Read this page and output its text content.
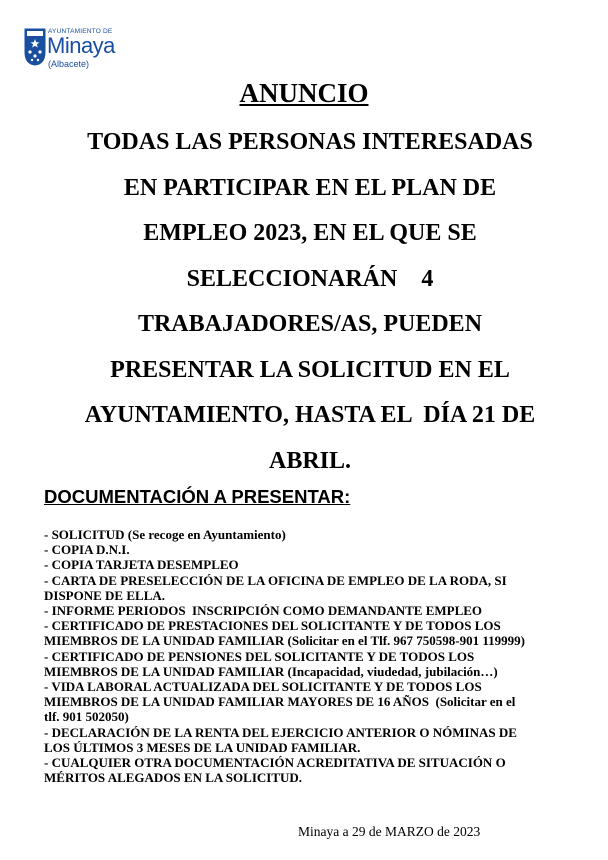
AYUNTAMIENTO DE
Minaya
(Albacete)
ANUNCIO
TODAS LAS PERSONAS INTERESADAS
EN PARTICIPAR EN EL PLAN DE
EMPLEO 2023, EN EL QUE SE
SELECCIONARÁN    4
TRABAJADORES/AS, PUEDEN
PRESENTAR LA SOLICITUD EN EL
AYUNTAMIENTO, HASTA EL  DÍA 21 DE
ABRIL.
DOCUMENTACIÓN A PRESENTAR:
- SOLICITUD (Se recoge en Ayuntamiento)
- COPIA D.N.I.
- COPIA TARJETA DESEMPLEO
- CARTA DE PRESELECCIÓN DE LA OFICINA DE EMPLEO DE LA RODA, SI
DISPONE DE ELLA.
- INFORME PERIODOS  INSCRIPCIÓN COMO DEMANDANTE EMPLEO
- CERTIFICADO DE PRESTACIONES DEL SOLICITANTE Y DE TODOS LOS
MIEMBROS DE LA UNIDAD FAMILIAR (Solicitar en el Tlf. 967 750598-901 119999)
- CERTIFICADO DE PENSIONES DEL SOLICITANTE Y DE TODOS LOS
MIEMBROS DE LA UNIDAD FAMILIAR (Incapacidad, viudedad, jubilación…)
- VIDA LABORAL ACTUALIZADA DEL SOLICITANTE Y DE TODOS LOS
MIEMBROS DE LA UNIDAD FAMILIAR MAYORES DE 16 AÑOS  (Solicitar en el
tlf. 901 502050)
- DECLARACIÓN DE LA RENTA DEL EJERCICIO ANTERIOR O NÓMINAS DE
LOS ÚLTIMOS 3 MESES DE LA UNIDAD FAMILIAR.
- CUALQUIER OTRA DOCUMENTACIÓN ACREDITATIVA DE SITUACIÓN O
MÉRITOS ALEGADOS EN LA SOLICITUD.
Minaya a 29 de MARZO de 2023
